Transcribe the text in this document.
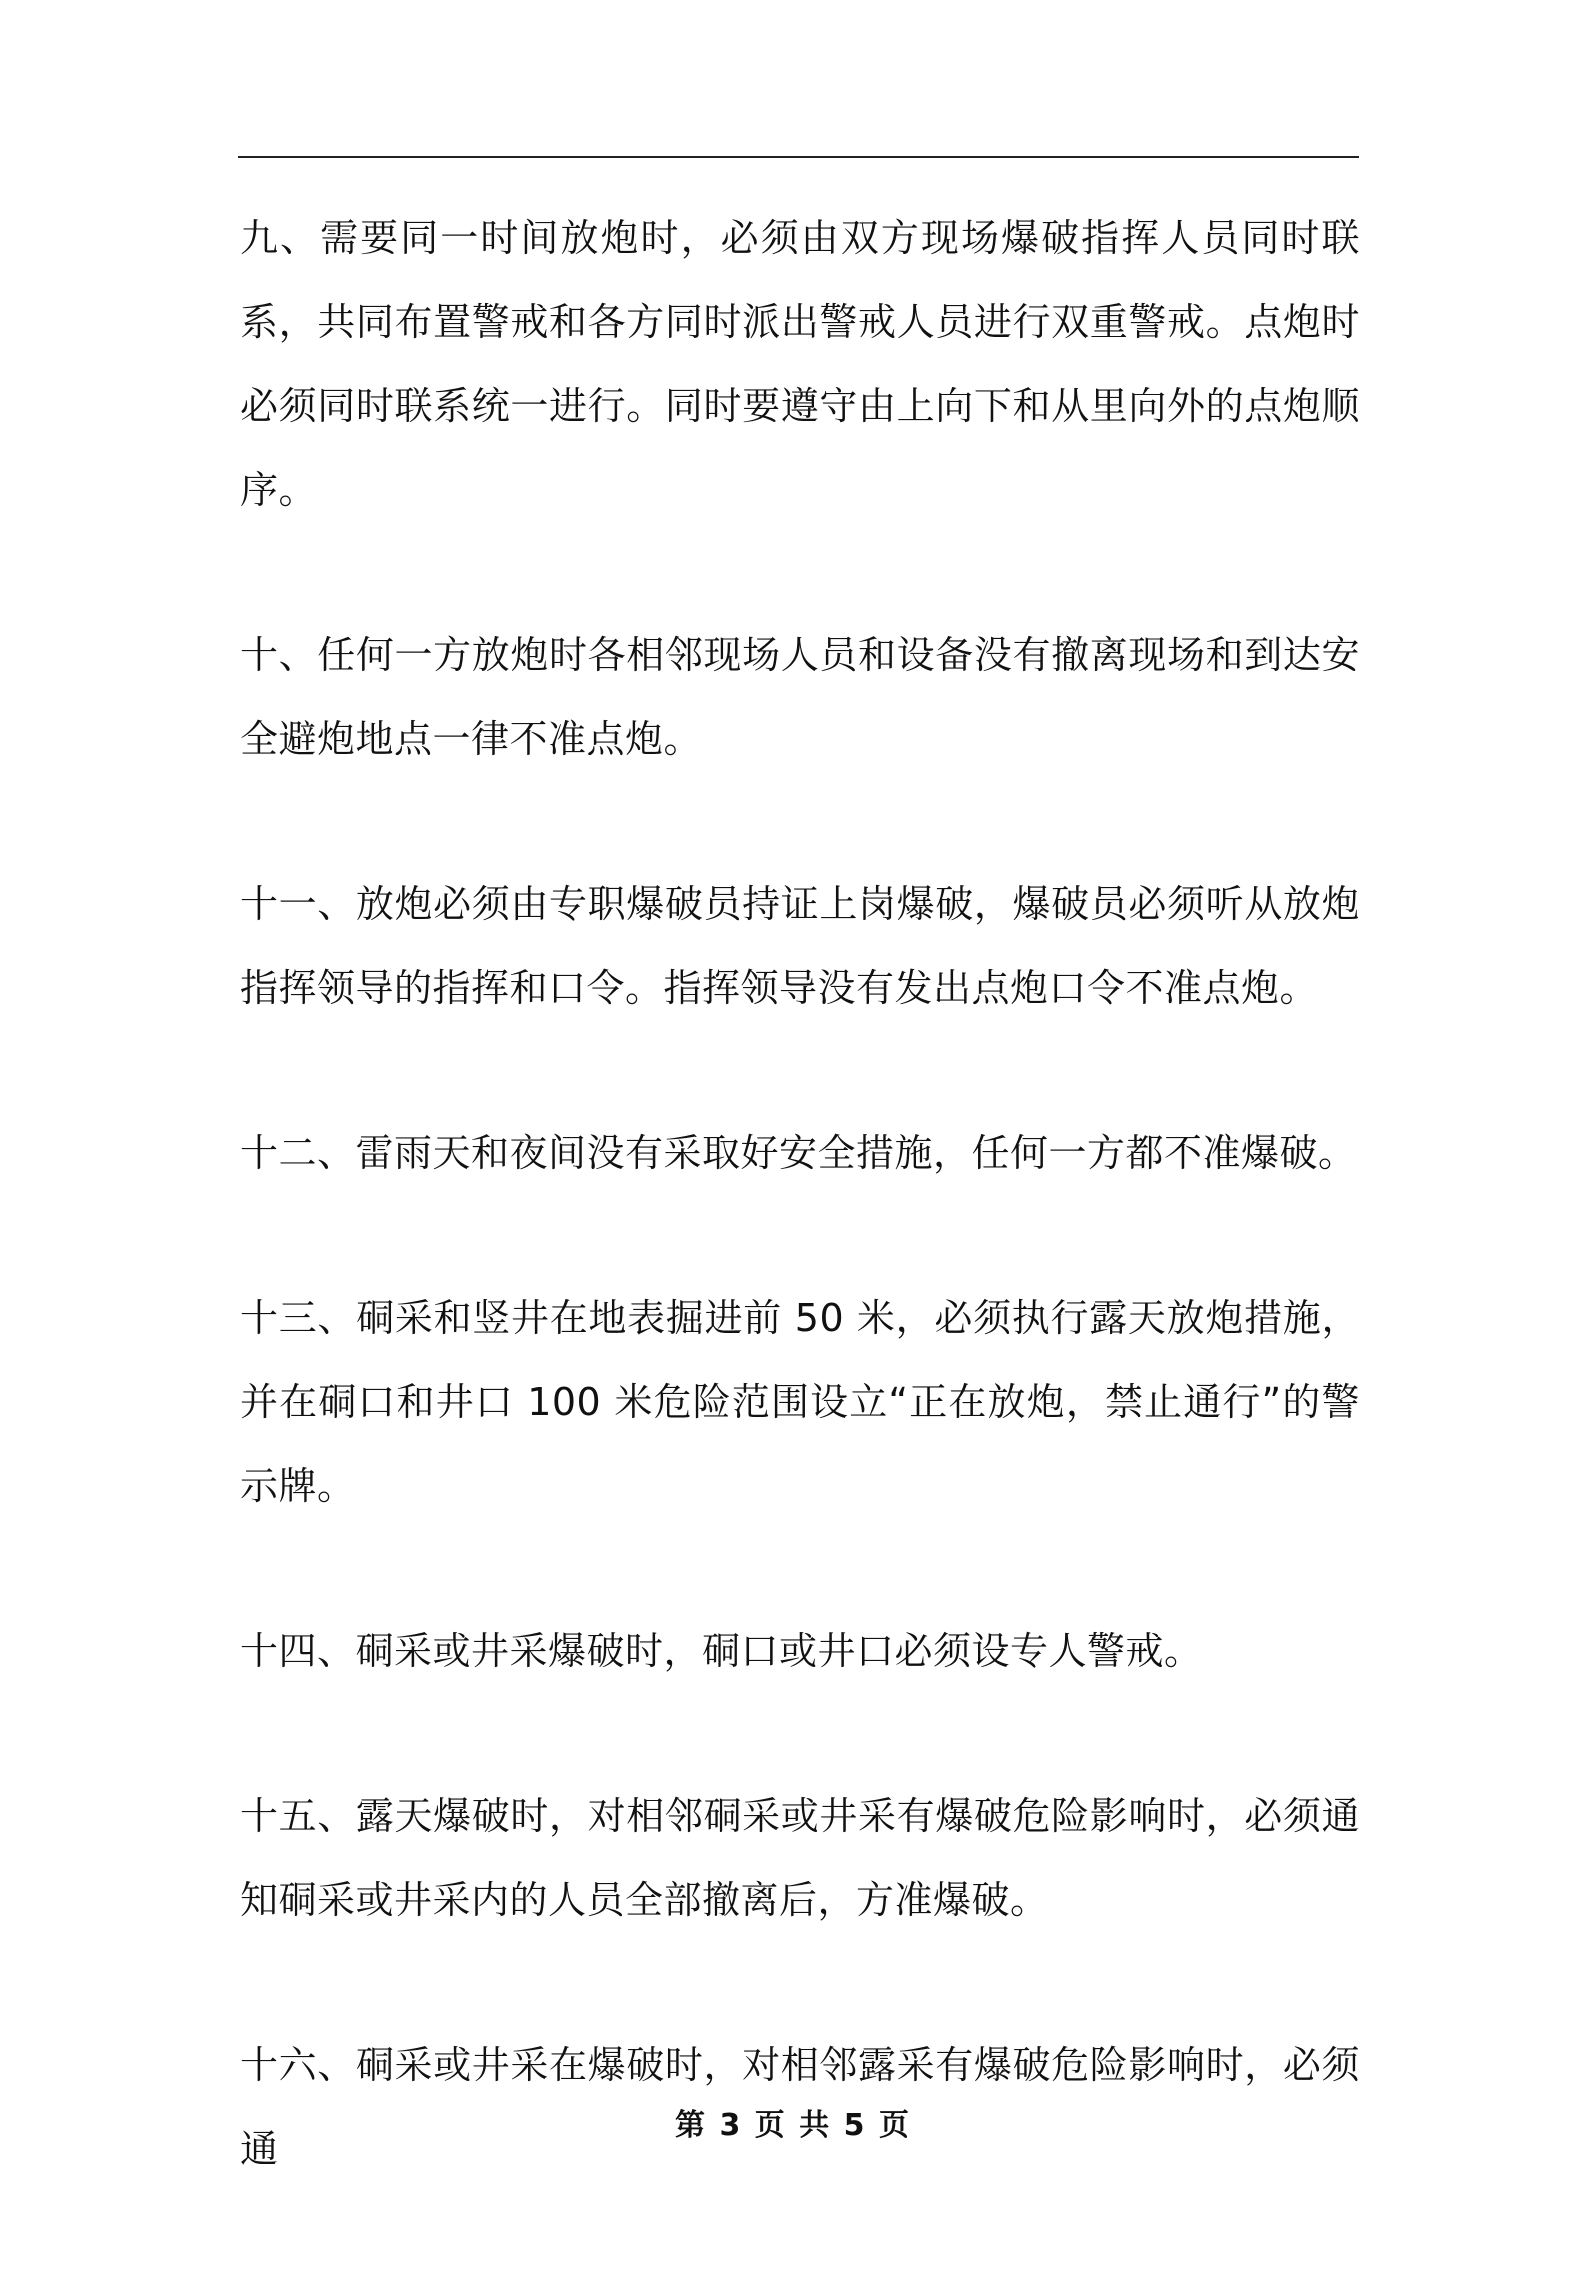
九、需要同一时间放炮时，必须由双方现场爆破指挥人员同时联系，共同布置警戒和各方同时派出警戒人员进行双重警戒。点炮时必须同时联系统一进行。同时要遵守由上向下和从里向外的点炮顺序。

十、任何一方放炮时各相邻现场人员和设备没有撤离现场和到达安全避炮地点一律不准点炮。

十一、放炮必须由专职爆破员持证上岗爆破，爆破员必须听从放炮指挥领导的指挥和口令。指挥领导没有发出点炮口令不准点炮。

十二、雷雨天和夜间没有采取好安全措施，任何一方都不准爆破。

十三、硐采和竖井在地表掘进前 50 米，必须执行露天放炮措施，并在硐口和井口 100 米危险范围设立“正在放炮，禁止通行”的警示牌。

十四、硐采或井采爆破时，硐口或井口必须设专人警戒。

十五、露天爆破时，对相邻硐采或井采有爆破危险影响时，必须通知硐采或井采内的人员全部撤离后，方准爆破。

十六、硐采或井采在爆破时，对相邻露采有爆破危险影响时，必须通

第 3 页 共 5 页
